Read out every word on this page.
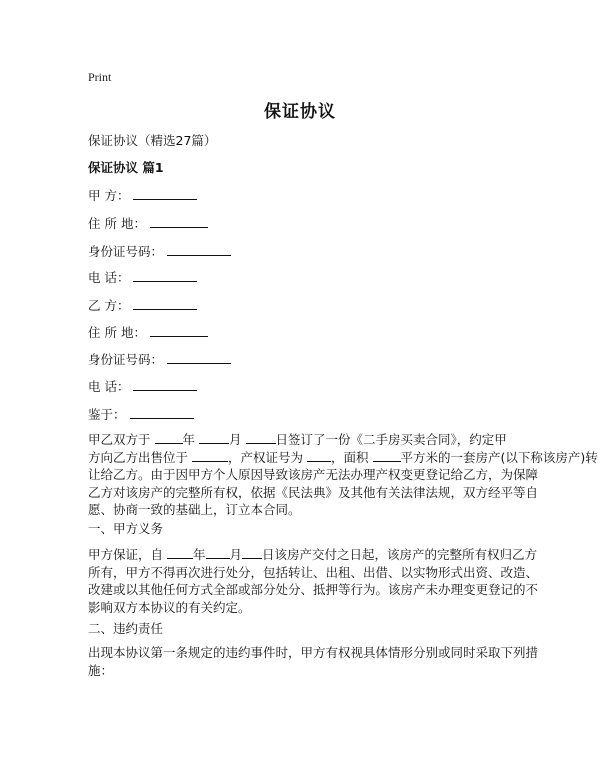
Print
保证协议
保证协议（精选27篇）
保证协议 篇1
甲 方：
住 所 地：
身份证号码：
电 话：
乙 方：
住 所 地：
身份证号码：
电 话：
鉴于：
甲乙双方于	年	月	日签订了一份《二手房买卖合同》，约定甲
方向乙方出售位于	，产权证号为 ，面积	平方米的一套房产(以下称该房产)转
让给乙方。由于因甲方个人原因导致该房产无法办理产权变更登记给乙方，为保障
乙方对该房产的完整所有权，依据《民法典》及其他有关法律法规，双方经平等自
愿、协商一致的基础上，订立本合同。
一、甲方义务
甲方保证，自 年 月 日该房产交付之日起，该房产的完整所有权归乙方
所有，甲方不得再次进行处分，包括转让、出租、出借、以实物形式出资、改造、
改建或以其他任何方式全部或部分处分、抵押等行为。该房产未办理变更登记的不
影响双方本协议的有关约定。
二、违约责任
出现本协议第一条规定的违约事件时，甲方有权视具体情形分别或同时采取下列措
施：
